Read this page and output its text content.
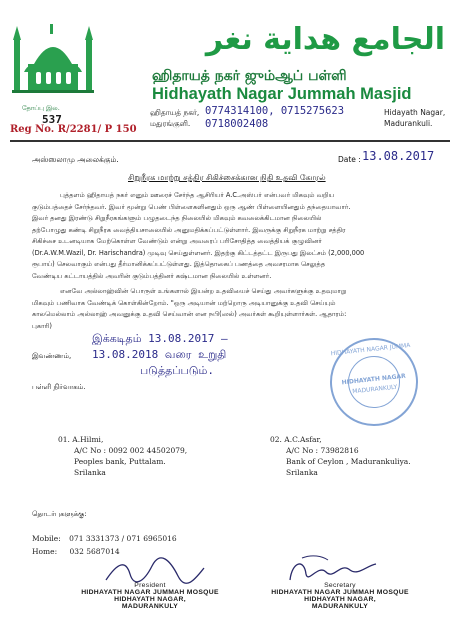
தோப்பு இல.
الجامع هداية نغر
ஹிதாயத் நகர் ஜும்ஆப் பள்ளி
Hidhayath Nagar Jummah Masjid
ஹிதாயத் நகர்,
மதுரங்குளி.
0774314100, 0715275623
0718002408
Hidayath Nagar,
Madurankuli.
537
Reg No. R/2281/ P 150
அஸ்ஸலாமு அலைக்கும்.	Date : 13.08.2017
சிறுநீரக மாற்று சத்திர சிகிச்சைக்கான நிதி உதவி கோரல்
புத்தளம் ஹிதாயத் நகர் எனும் ஊரைச் சேர்ந்த ஆசிரியர் A.C.அஸ்பர் என்பவர் மிகவும் வறிய
குடும்பத்தைச் சேர்ந்தவர். இவர் மூன்று பெண் பிள்ளைகளினதும் ஒரு ஆண் பிள்ளையினதும் தந்தையாவார்.
இவர் தனது இரண்டு சிறுநீரகங்களும் பழுதடைந்த நிலையில் மிகவும் கவலைக்கிடமான நிலையில்
தற்போழுது கண்டி சிறுநீரக வைத்தியசாலையில் அனுமதிக்கப்பட்டுள்ளார். இவருக்கு சிறுநீரக மாற்று சத்திர
சிகிச்சை உடனடியாக மேற்கொள்ள வேண்டும் என்று அவரைப் பரிசோதித்த வைத்தியக் குழுவினர்
(Dr.A.W.M.Wazil, Dr. Harischandra) முடிவு செய்துள்ளனர். இதற்கு கிட்டத்தட்ட இருபது இலட்சம் (2,000,000
ரூபாய்) செலவாகும் என்பது தீர்மானிக்கப்பட்டுள்ளது. இத்தொகைப் பணத்தை அவசரமாக செலுத்த
வேண்டிய கட்டாயத்தில் அவரின் குடும்பத்தினர் கஷ்டமான நிலையில் உள்ளனர்.
எனவே அல்லாஹ்வின் பொருள் உங்களால் இயன்ற உதவியைச் செய்து அவர்களுக்கு உதவுமாறு
மிகவும் பணிவாக வேண்டிக் கொள்கின்றோம். "ஒரு அடியான் மற்றொரு அடியானுக்கு உதவி செய்யும்
காலமெல்லாம் அல்லாஹ் அவனுக்கு உதவி செய்வான் என நபி(ஸல்) அவர்கள் கூறியுள்ளார்கள். ஆதாரம்:
புகாரி)
இக்கடிதம் 13.08.2017 —
13.08.2018 வரை உறுதி
படுத்தப்படும்.
இவண்ணம்,
பள்ளி நிர்வாகம்.
HIDHAYATH NAGAR JUMMA
HIDHAYATH NAGAR
MADURANKULY
01. A.Hilmi,
A/C No : 0092 002 44502079,
Peoples bank, Puttalam.
Srilanka
02. A.C.Asfar,
A/C No : 73982816
Bank of Ceylon , Madurankuliya.
Srilanka
தொடர்புகளுக்கு:
Mobile: 071 3331373 / 071 6965016
Home: 032 5687014
President
HIDHAYATH NAGAR JUMMAH MOSQUE
HIDHAYATH NAGAR,
MADURANKULY
Secretary
HIDHAYATH NAGAR JUMMAH MOSQUE
HIDHAYATH NAGAR,
MADURANKULY
